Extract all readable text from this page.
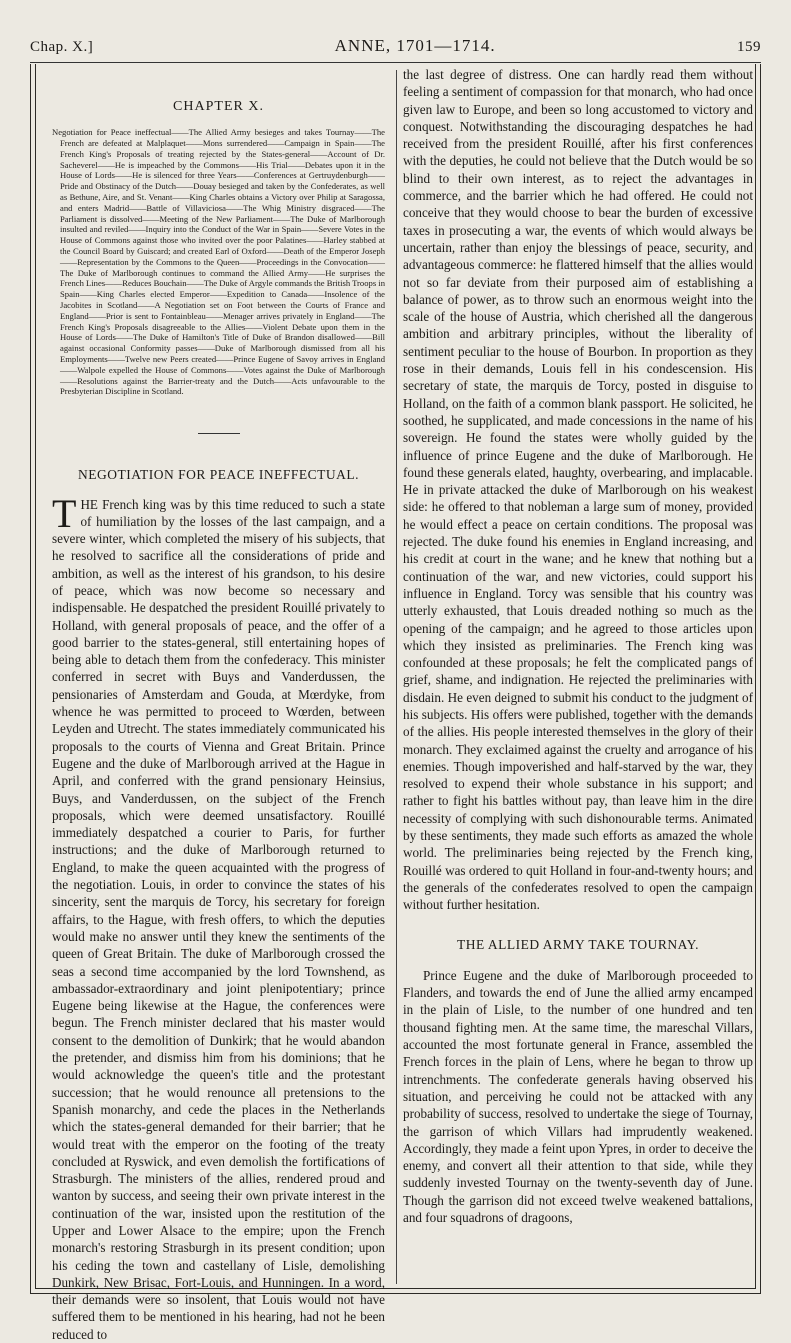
Chap. X.]	ANNE, 1701—1714.	159
CHAPTER X.

Negotiation for Peace ineffectual——The Allied Army besieges and takes Tournay——The French are defeated at Malplaquet——Mons surrendered——Campaign in Spain——The French King's Proposals of treating rejected by the States-general——Account of Dr. Sacheverel——He is impeached by the Commons——His Trial——Debates upon it in the House of Lords——He is silenced for three Years——Conferences at Gertruydenburgh——Pride and Obstinacy of the Dutch——Douay besieged and taken by the Confederates, as well as Bethune, Aire, and St. Venant——King Charles obtains a Victory over Philip at Saragossa, and enters Madrid——Battle of Villaviciosa——The Whig Ministry disgraced——The Parliament is dissolved——Meeting of the New Parliament——The Duke of Marlborough insulted and reviled——Inquiry into the Conduct of the War in Spain——Severe Votes in the House of Commons against those who invited over the poor Palatines——Harley stabbed at the Council Board by Guiscard; and created Earl of Oxford——Death of the Emperor Joseph——Representation by the Commons to the Queen——Proceedings in the Convocation——The Duke of Marlborough continues to command the Allied Army——He surprises the French Lines——Reduces Bouchain——The Duke of Argyle commands the British Troops in Spain——King Charles elected Emperor——Expedition to Canada——Insolence of the Jacobites in Scotland——A Negotiation set on Foot between the Courts of France and England——Prior is sent to Fontainbleau——Menager arrives privately in England——The French King's Proposals disagreeable to the Allies——Violent Debate upon them in the House of Lords——The Duke of Hamilton's Title of Duke of Brandon disallowed——Bill against occasional Conformity passes——Duke of Marlborough dismissed from all his Employments——Twelve new Peers created——Prince Eugene of Savoy arrives in England——Walpole expelled the House of Commons——Votes against the Duke of Marlborough——Resolutions against the Barrier-treaty and the Dutch——Acts unfavourable to the Presbyterian Discipline in Scotland.

NEGOTIATION FOR PEACE INEFFECTUAL.

THE French king was by this time reduced to such a state of humiliation by the losses of the last campaign, and a severe winter, which completed the misery of his subjects, that he resolved to sacrifice all the considerations of pride and ambition, as well as the interest of his grandson, to his desire of peace, which was now become so necessary and indispensable. He despatched the president Rouillé privately to Holland, with general proposals of peace, and the offer of a good barrier to the states-general, still entertaining hopes of being able to detach them from the confederacy. This minister conferred in secret with Buys and Vanderdussen, the pensionaries of Amsterdam and Gouda, at Mœrdyke, from whence he was permitted to proceed to Wœrden, between Leyden and Utrecht. The states immediately communicated his proposals to the courts of Vienna and Great Britain. Prince Eugene and the duke of Marlborough arrived at the Hague in April, and conferred with the grand pensionary Heinsius, Buys, and Vanderdussen, on the subject of the French proposals, which were deemed unsatisfactory. Rouillé immediately despatched a courier to Paris, for further instructions; and the duke of Marlborough returned to England, to make the queen acquainted with the progress of the negotiation. Louis, in order to convince the states of his sincerity, sent the marquis de Torcy, his secretary for foreign affairs, to the Hague, with fresh offers, to which the deputies would make no answer until they knew the sentiments of the queen of Great Britain. The duke of Marlborough crossed the seas a second time accompanied by the lord Townshend, as ambassador-extraordinary and joint plenipotentiary; prince Eugene being likewise at the Hague, the conferences were begun. The French minister declared that his master would consent to the demolition of Dunkirk; that he would abandon the pretender, and dismiss him from his dominions; that he would acknowledge the queen's title and the protestant succession; that he would renounce all pretensions to the Spanish monarchy, and cede the places in the Netherlands which the states-general demanded for their barrier; that he would treat with the emperor on the footing of the treaty concluded at Ryswick, and even demolish the fortifications of Strasburgh. The ministers of the allies, rendered proud and wanton by success, and seeing their own private interest in the continuation of the war, insisted upon the restitution of the Upper and Lower Alsace to the empire; upon the French monarch's restoring Strasburgh in its present condition; upon his ceding the town and castellany of Lisle, demolishing Dunkirk, New Brisac, Fort-Louis, and Hunningen. In a word, their demands were so insolent, that Louis would not have suffered them to be mentioned in his hearing, had not he been reduced to

the last degree of distress. One can hardly read them without feeling a sentiment of compassion for that monarch, who had once given law to Europe, and been so long accustomed to victory and conquest. Notwithstanding the discouraging despatches he had received from the president Rouillé, after his first conferences with the deputies, he could not believe that the Dutch would be so blind to their own interest, as to reject the advantages in commerce, and the barrier which he had offered. He could not conceive that they would choose to bear the burden of excessive taxes in prosecuting a war, the events of which would always be uncertain, rather than enjoy the blessings of peace, security, and advantageous commerce: he flattered himself that the allies would not so far deviate from their purposed aim of establishing a balance of power, as to throw such an enormous weight into the scale of the house of Austria, which cherished all the dangerous ambition and arbitrary principles, without the liberality of sentiment peculiar to the house of Bourbon. In proportion as they rose in their demands, Louis fell in his condescension. His secretary of state, the marquis de Torcy, posted in disguise to Holland, on the faith of a common blank passport. He solicited, he soothed, he supplicated, and made concessions in the name of his sovereign. He found the states were wholly guided by the influence of prince Eugene and the duke of Marlborough. He found these generals elated, haughty, overbearing, and implacable. He in private attacked the duke of Marlborough on his weakest side: he offered to that nobleman a large sum of money, provided he would effect a peace on certain conditions. The proposal was rejected. The duke found his enemies in England increasing, and his credit at court in the wane; and he knew that nothing but a continuation of the war, and new victories, could support his influence in England. Torcy was sensible that his country was utterly exhausted, that Louis dreaded nothing so much as the opening of the campaign; and he agreed to those articles upon which they insisted as preliminaries. The French king was confounded at these proposals; he felt the complicated pangs of grief, shame, and indignation. He rejected the preliminaries with disdain. He even deigned to submit his conduct to the judgment of his subjects. His offers were published, together with the demands of the allies. His people interested themselves in the glory of their monarch. They exclaimed against the cruelty and arrogance of his enemies. Though impoverished and half-starved by the war, they resolved to expend their whole substance in his support; and rather to fight his battles without pay, than leave him in the dire necessity of complying with such dishonourable terms. Animated by these sentiments, they made such efforts as amazed the whole world. The preliminaries being rejected by the French king, Rouillé was ordered to quit Holland in four-and-twenty hours; and the generals of the confederates resolved to open the campaign without further hesitation.

THE ALLIED ARMY TAKE TOURNAY.

Prince Eugene and the duke of Marlborough proceeded to Flanders, and towards the end of June the allied army encamped in the plain of Lisle, to the number of one hundred and ten thousand fighting men. At the same time, the mareschal Villars, accounted the most fortunate general in France, assembled the French forces in the plain of Lens, where he began to throw up intrenchments. The confederate generals having observed his situation, and perceiving he could not be attacked with any probability of success, resolved to undertake the siege of Tournay, the garrison of which Villars had imprudently weakened. Accordingly, they made a feint upon Ypres, in order to deceive the enemy, and convert all their attention to that side, while they suddenly invested Tournay on the twenty-seventh day of June. Though the garrison did not exceed twelve weakened battalions, and four squadrons of dragoons,
